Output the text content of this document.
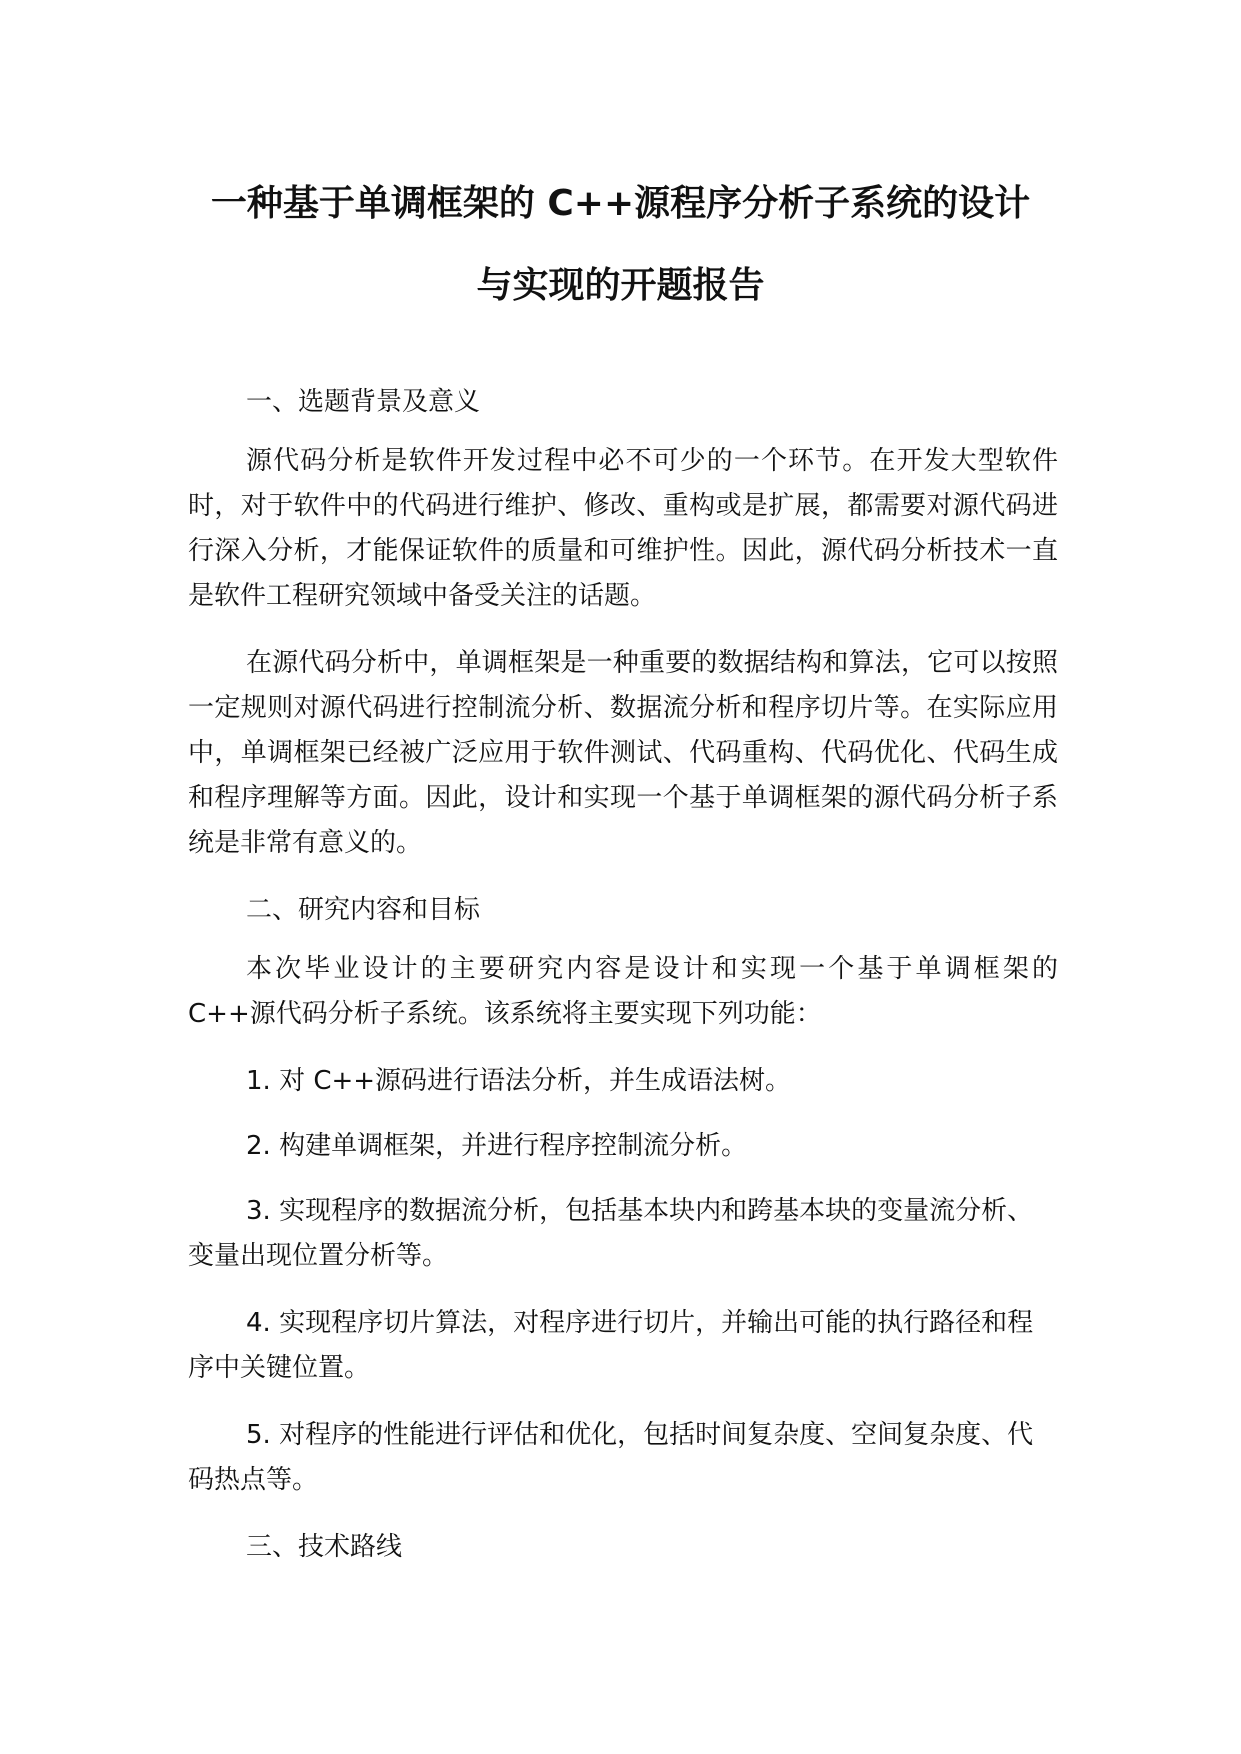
一种基于单调框架的 C++源程序分析子系统的设计
与实现的开题报告

一、选题背景及意义

源代码分析是软件开发过程中必不可少的一个环节。在开发大型软件时，对于软件中的代码进行维护、修改、重构或是扩展，都需要对源代码进行深入分析，才能保证软件的质量和可维护性。因此，源代码分析技术一直是软件工程研究领域中备受关注的话题。

在源代码分析中，单调框架是一种重要的数据结构和算法，它可以按照一定规则对源代码进行控制流分析、数据流分析和程序切片等。在实际应用中，单调框架已经被广泛应用于软件测试、代码重构、代码优化、代码生成和程序理解等方面。因此，设计和实现一个基于单调框架的源代码分析子系统是非常有意义的。

二、研究内容和目标

本次毕业设计的主要研究内容是设计和实现一个基于单调框架的C++源代码分析子系统。该系统将主要实现下列功能：

1. 对 C++源码进行语法分析，并生成语法树。

2. 构建单调框架，并进行程序控制流分析。

3. 实现程序的数据流分析，包括基本块内和跨基本块的变量流分析、变量出现位置分析等。

4. 实现程序切片算法，对程序进行切片，并输出可能的执行路径和程序中关键位置。

5. 对程序的性能进行评估和优化，包括时间复杂度、空间复杂度、代码热点等。

三、技术路线
